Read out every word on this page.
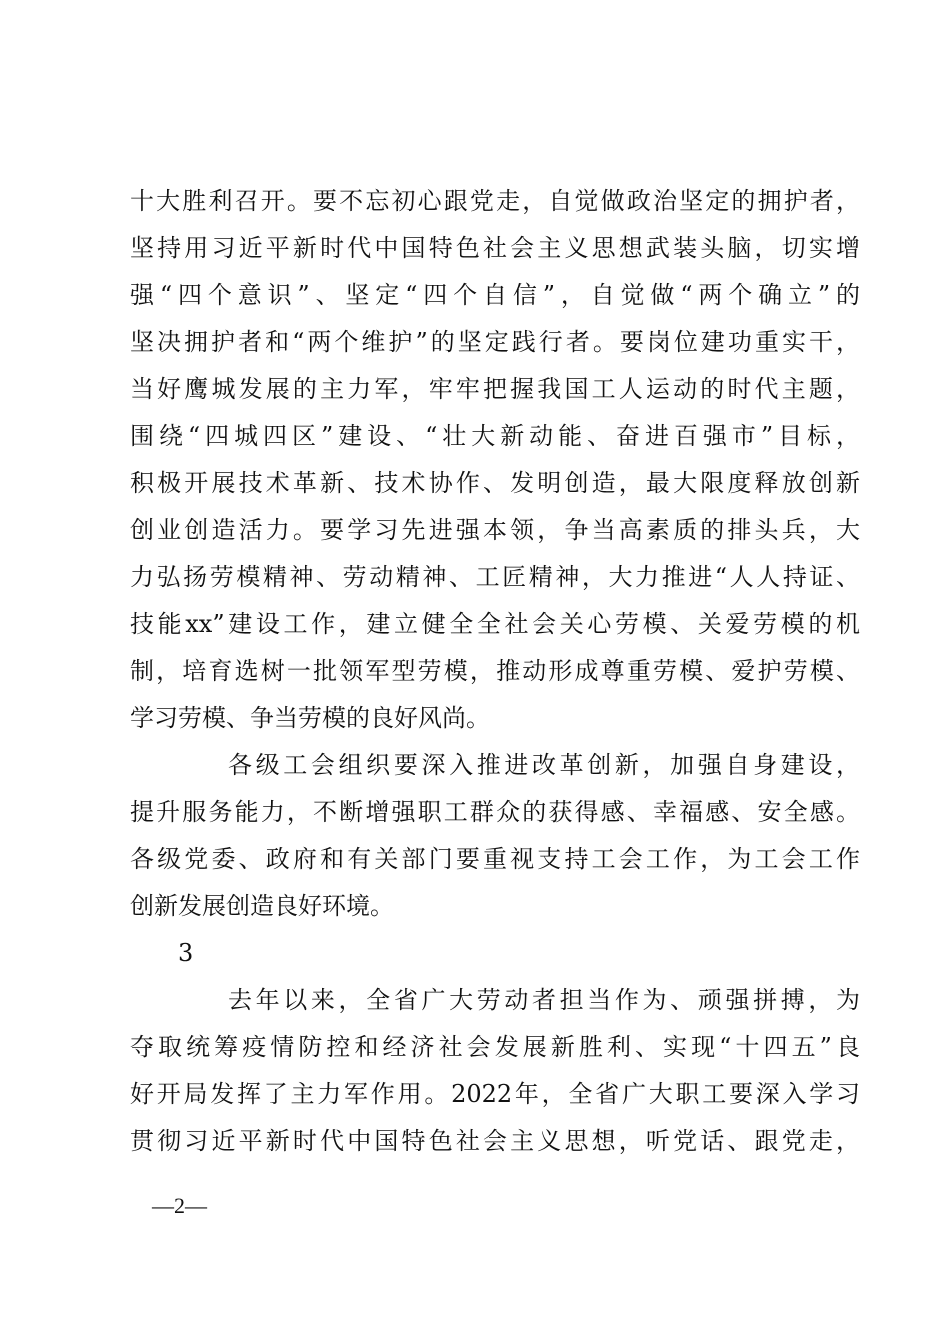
十大胜利召开。要不忘初心跟党走，自觉做政治坚定的拥护者，
坚持用习近平新时代中国特色社会主义思想武装头脑，切实增
强“四个意识”、坚定“四个自信”，自觉做“两个确立”的
坚决拥护者和“两个维护”的坚定践行者。要岗位建功重实干，
当好鹰城发展的主力军，牢牢把握我国工人运动的时代主题，
围绕“四城四区”建设、“壮大新动能、奋进百强市”目标，
积极开展技术革新、技术协作、发明创造，最大限度释放创新
创业创造活力。要学习先进强本领，争当高素质的排头兵，大
力弘扬劳模精神、劳动精神、工匠精神，大力推进“人人持证、
技能xx”建设工作，建立健全全社会关心劳模、关爱劳模的机
制，培育选树一批领军型劳模，推动形成尊重劳模、爱护劳模、
学习劳模、争当劳模的良好风尚。
各级工会组织要深入推进改革创新，加强自身建设，
提升服务能力，不断增强职工群众的获得感、幸福感、安全感。
各级党委、政府和有关部门要重视支持工会工作，为工会工作
创新发展创造良好环境。
3
去年以来，全省广大劳动者担当作为、顽强拼搏，为
夺取统筹疫情防控和经济社会发展新胜利、实现“十四五”良
好开局发挥了主力军作用。2022年，全省广大职工要深入学习
贯彻习近平新时代中国特色社会主义思想，听党话、跟党走，
—2—
